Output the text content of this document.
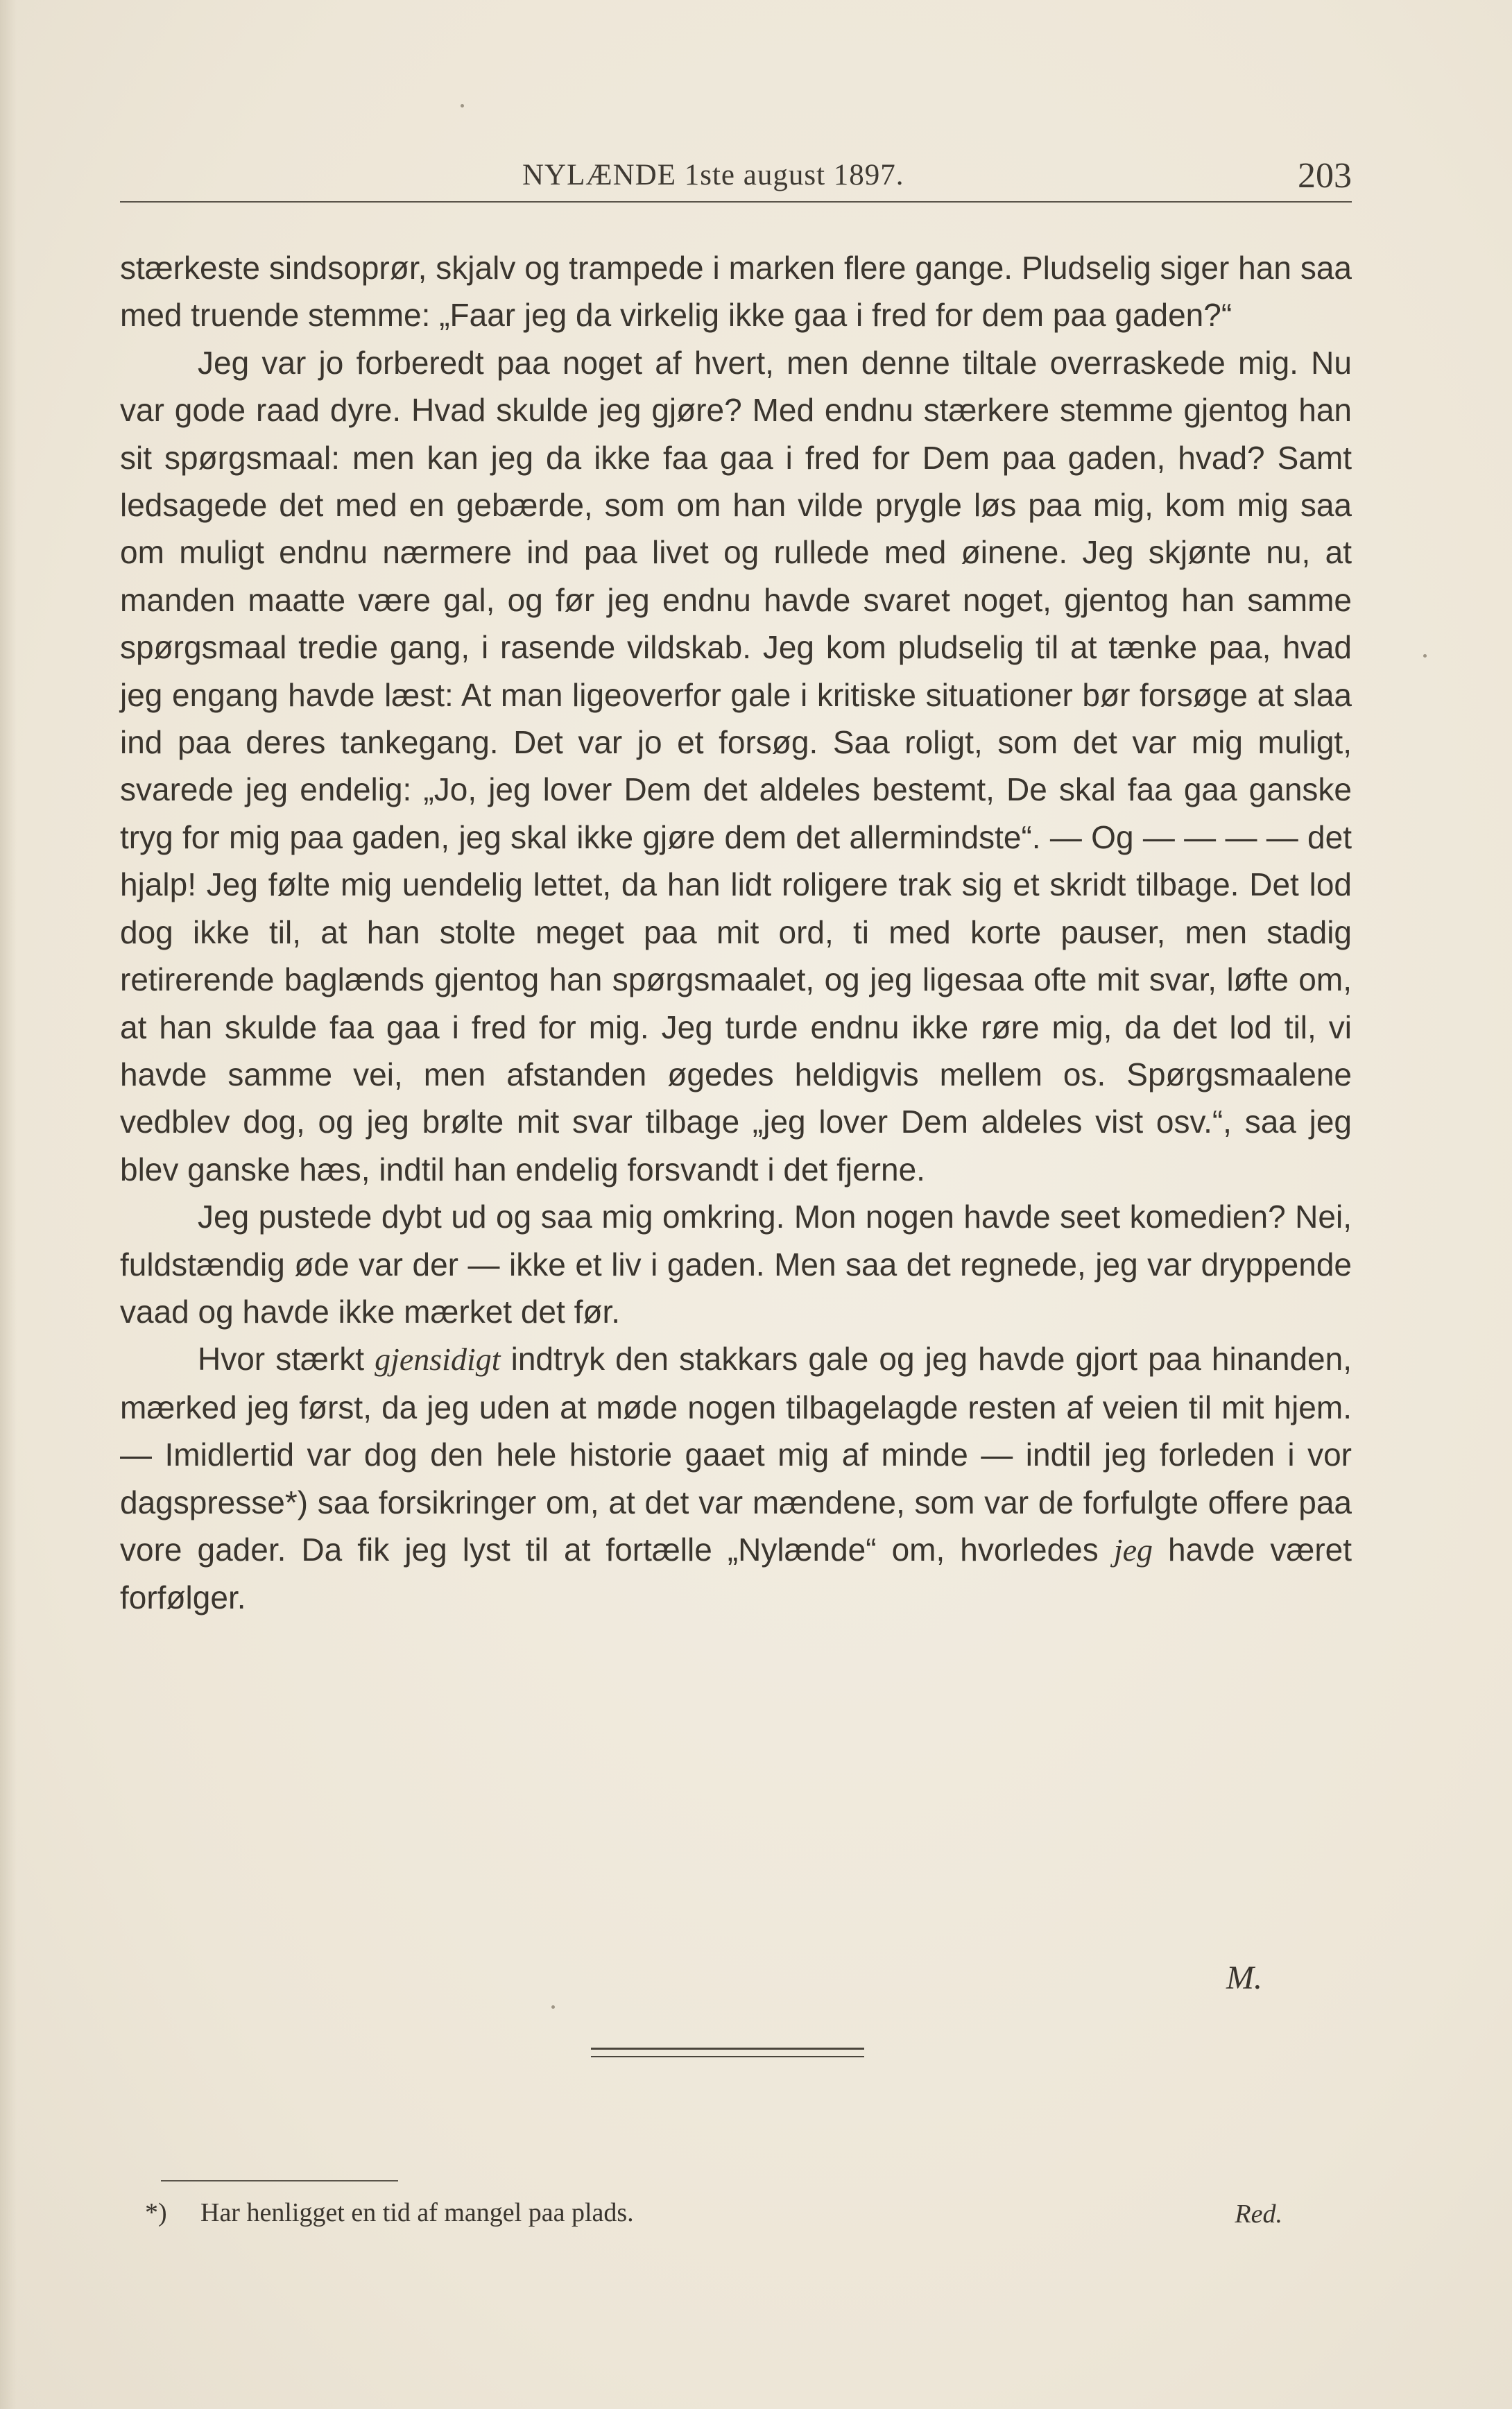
NYLÆNDE 1ste august 1897.	203

stærkeste sindsoprør, skjalv og trampede i marken flere gange. Pludselig siger han saa med truende stemme: „Faar jeg da virkelig ikke gaa i fred for dem paa gaden?“

Jeg var jo forberedt paa noget af hvert, men denne tiltale overraskede mig. Nu var gode raad dyre. Hvad skulde jeg gjøre? Med endnu stærkere stemme gjentog han sit spørgsmaal: men kan jeg da ikke faa gaa i fred for Dem paa gaden, hvad? Samt ledsagede det med en gebærde, som om han vilde prygle løs paa mig, kom mig saa om muligt endnu nærmere ind paa livet og rullede med øinene. Jeg skjønte nu, at manden maatte være gal, og før jeg endnu havde svaret noget, gjentog han samme spørgsmaal tredie gang, i rasende vildskab. Jeg kom pludselig til at tænke paa, hvad jeg engang havde læst: At man ligeoverfor gale i kritiske situationer bør forsøge at slaa ind paa deres tankegang. Det var jo et forsøg. Saa roligt, som det var mig muligt, svarede jeg endelig: „Jo, jeg lover Dem det aldeles bestemt, De skal faa gaa ganske tryg for mig paa gaden, jeg skal ikke gjøre dem det allermindste“. — Og — — — — det hjalp! Jeg følte mig uendelig lettet, da han lidt roligere trak sig et skridt tilbage. Det lod dog ikke til, at han stolte meget paa mit ord, ti med korte pauser, men stadig retirerende baglænds gjentog han spørgsmaalet, og jeg ligesaa ofte mit svar, løfte om, at han skulde faa gaa i fred for mig. Jeg turde endnu ikke røre mig, da det lod til, vi havde samme vei, men afstanden øgedes heldigvis mellem os. Spørgsmaalene vedblev dog, og jeg brølte mit svar tilbage „jeg lover Dem aldeles vist osv.“, saa jeg blev ganske hæs, indtil han endelig forsvandt i det fjerne.

Jeg pustede dybt ud og saa mig omkring. Mon nogen havde seet komedien? Nei, fuldstændig øde var der — ikke et liv i gaden. Men saa det regnede, jeg var dryppende vaad og havde ikke mærket det før.

Hvor stærkt gjensidigt indtryk den stakkars gale og jeg havde gjort paa hinanden, mærked jeg først, da jeg uden at møde nogen tilbagelagde resten af veien til mit hjem. — Imidlertid var dog den hele historie gaaet mig af minde — indtil jeg forleden i vor dagspresse*) saa forsikringer om, at det var mændene, som var de forfulgte offere paa vore gader. Da fik jeg lyst til at fortælle „Nylænde“ om, hvorledes jeg havde været forfølger.

M.
*) Har henligget en tid af mangel paa plads.	Red.
